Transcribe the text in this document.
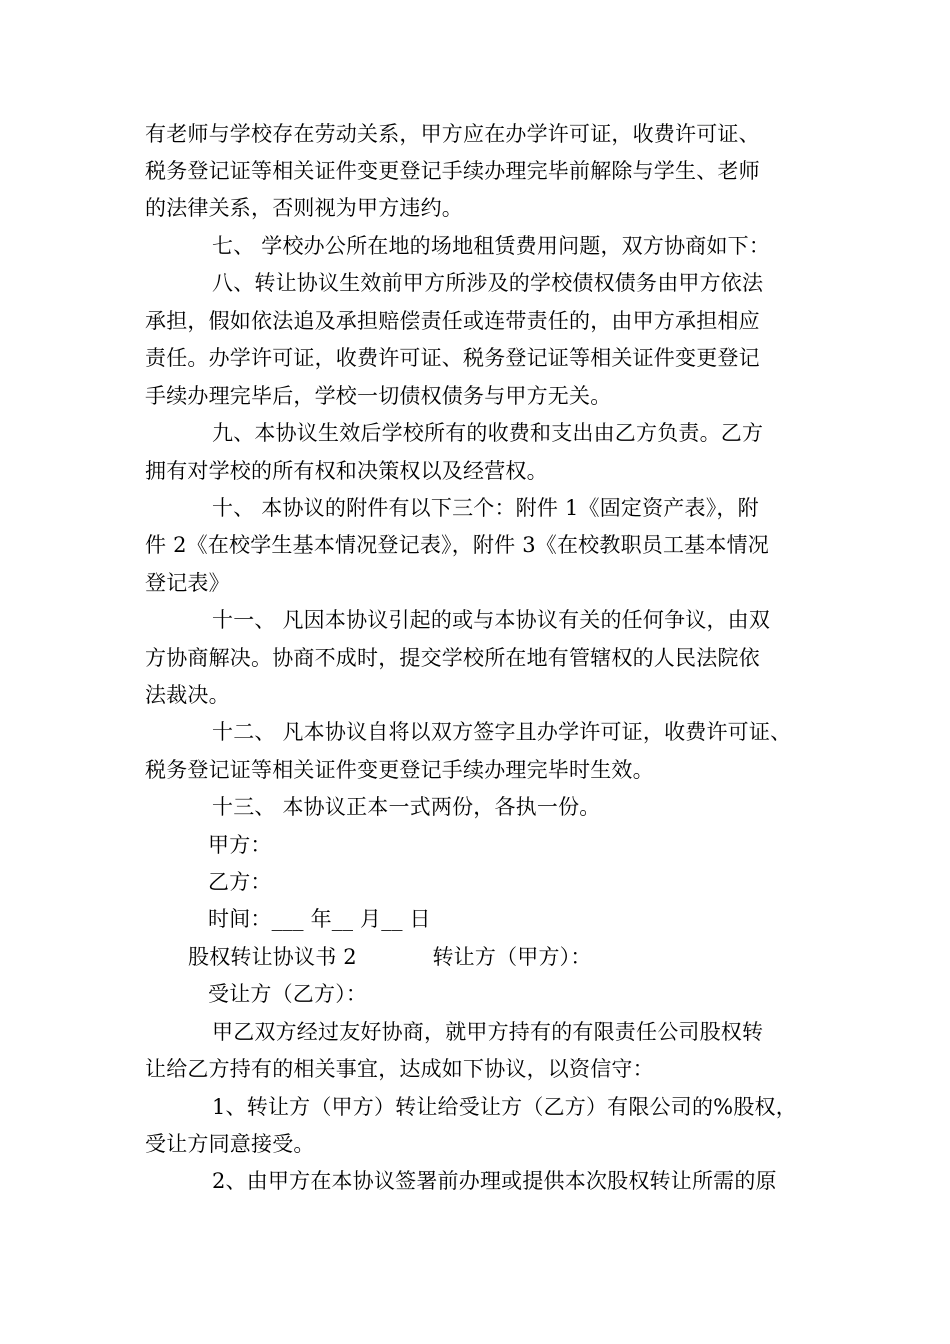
有老师与学校存在劳动关系，甲方应在办学许可证，收费许可证、
税务登记证等相关证件变更登记手续办理完毕前解除与学生、老师
的法律关系，否则视为甲方违约。
七、 学校办公所在地的场地租赁费用问题，双方协商如下：
八、转让协议生效前甲方所涉及的学校债权债务由甲方依法
承担，假如依法追及承担赔偿责任或连带责任的，由甲方承担相应
责任。办学许可证，收费许可证、税务登记证等相关证件变更登记
手续办理完毕后，学校一切债权债务与甲方无关。
九、本协议生效后学校所有的收费和支出由乙方负责。乙方
拥有对学校的所有权和决策权以及经营权。
十、 本协议的附件有以下三个：附件 1《固定资产表》，附
件 2《在校学生基本情况登记表》，附件 3《在校教职员工基本情况
登记表》
十一、 凡因本协议引起的或与本协议有关的任何争议，由双
方协商解决。协商不成时，提交学校所在地有管辖权的人民法院依
法裁决。
十二、 凡本协议自将以双方签字且办学许可证，收费许可证、
税务登记证等相关证件变更登记手续办理完毕时生效。
十三、 本协议正本一式两份，各执一份。
甲方：
乙方：
时间：___ 年__ 月__ 日
股权转让协议书 2           转让方（甲方）：
受让方（乙方）：
甲乙双方经过友好协商，就甲方持有的有限责任公司股权转
让给乙方持有的相关事宜，达成如下协议，以资信守：
1、转让方（甲方）转让给受让方（乙方）有限公司的%股权，
受让方同意接受。
2、由甲方在本协议签署前办理或提供本次股权转让所需的原
